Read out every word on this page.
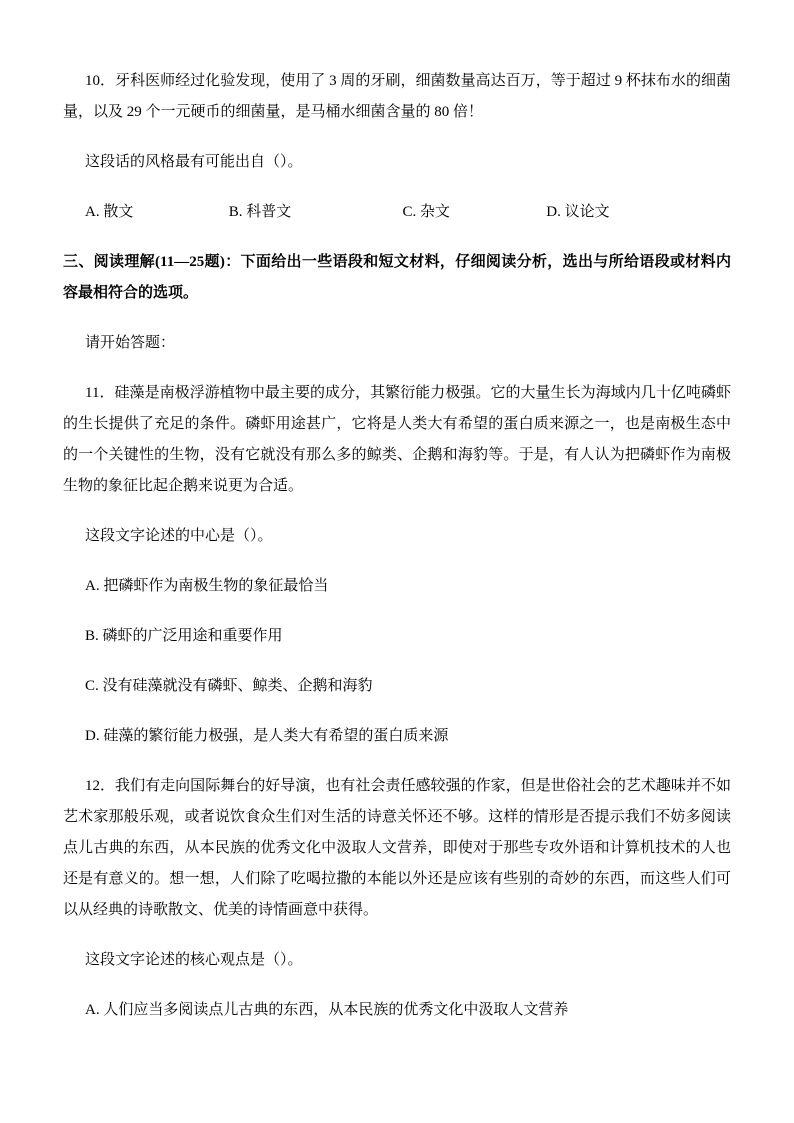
10．牙科医师经过化验发现，使用了 3 周的牙刷，细菌数量高达百万，等于超过 9 杯抹布水的细菌量，以及 29 个一元硬币的细菌量，是马桶水细菌含量的 80 倍！

这段话的风格最有可能出自（）。

A. 散文	B. 科普文	C. 杂文	D. 议论文

三、阅读理解(11—25题)：下面给出一些语段和短文材料，仔细阅读分析，选出与所给语段或材料内容最相符合的选项。

请开始答题：

11．硅藻是南极浮游植物中最主要的成分，其繁衍能力极强。它的大量生长为海域内几十亿吨磷虾的生长提供了充足的条件。磷虾用途甚广，它将是人类大有希望的蛋白质来源之一，也是南极生态中的一个关键性的生物，没有它就没有那么多的鲸类、企鹅和海豹等。于是，有人认为把磷虾作为南极生物的象征比起企鹅来说更为合适。

这段文字论述的中心是（）。

A. 把磷虾作为南极生物的象征最恰当

B. 磷虾的广泛用途和重要作用

C. 没有硅藻就没有磷虾、鲸类、企鹅和海豹

D. 硅藻的繁衍能力极强，是人类大有希望的蛋白质来源

12．我们有走向国际舞台的好导演，也有社会责任感较强的作家，但是世俗社会的艺术趣味并不如艺术家那般乐观，或者说饮食众生们对生活的诗意关怀还不够。这样的情形是否提示我们不妨多阅读点儿古典的东西，从本民族的优秀文化中汲取人文营养，即使对于那些专攻外语和计算机技术的人也还是有意义的。想一想，人们除了吃喝拉撒的本能以外还是应该有些别的奇妙的东西，而这些人们可以从经典的诗歌散文、优美的诗情画意中获得。

这段文字论述的核心观点是（）。

A. 人们应当多阅读点儿古典的东西，从本民族的优秀文化中汲取人文营养
